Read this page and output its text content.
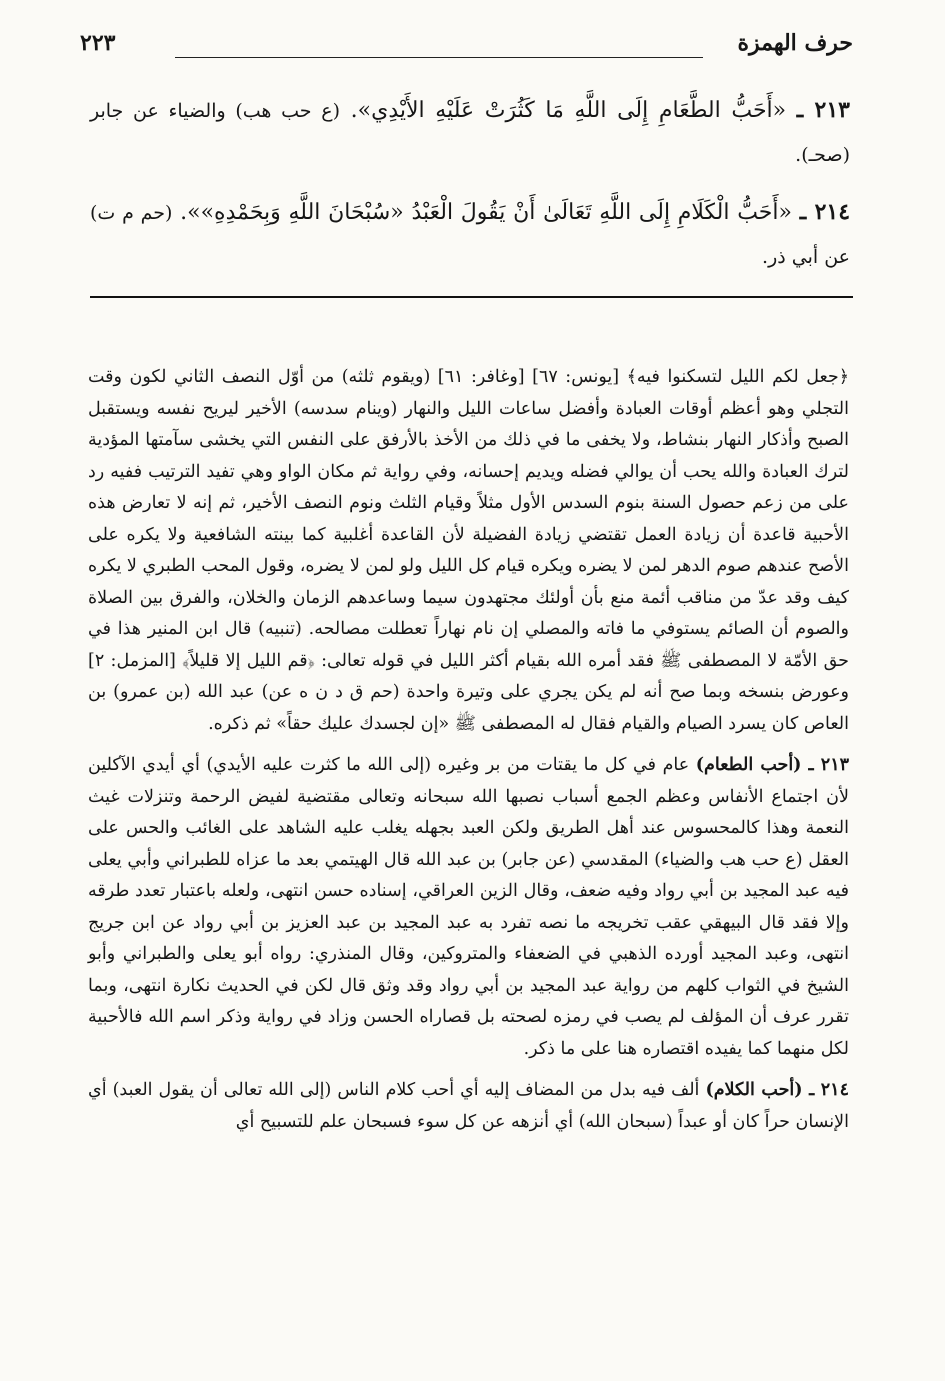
حرف الهمزة
٢٢٣
٢١٣ ـ «أَحَبُّ الطَّعَامِ إِلَى اللَّهِ مَا كَثُرَتْ عَلَيْهِ الأَيْدِي». (ع حب هب) والضياء عن جابر (صحـ).
٢١٤ ـ «أَحَبُّ الْكَلَامِ إِلَى اللَّهِ تَعَالَىٰ أَنْ يَقُولَ الْعَبْدُ «سُبْحَانَ اللَّهِ وَبِحَمْدِهِ»». (حم م ت) عن أبي ذر.

﴿جعل لكم الليل لتسكنوا فيه﴾ [يونس: ٦٧] [وغافر: ٦١] (ويقوم ثلثه) من أوّل النصف الثاني لكون وقت التجلي وهو أعظم أوقات العبادة وأفضل ساعات الليل والنهار (وينام سدسه) الأخير ليريح نفسه ويستقبل الصبح وأذكار النهار بنشاط، ولا يخفى ما في ذلك من الأخذ بالأرفق على النفس التي يخشى سآمتها المؤدية لترك العبادة والله يحب أن يوالي فضله ويديم إحسانه، وفي رواية ثم مكان الواو وهي تفيد الترتيب ففيه رد على من زعم حصول السنة بنوم السدس الأول مثلاً وقيام الثلث ونوم النصف الأخير، ثم إنه لا تعارض هذه الأحبية قاعدة أن زيادة العمل تقتضي زيادة الفضيلة لأن القاعدة أغلبية كما بينته الشافعية ولا يكره على الأصح عندهم صوم الدهر لمن لا يضره ويكره قيام كل الليل ولو لمن لا يضره، وقول المحب الطبري لا يكره كيف وقد عدّ من مناقب أئمة منع بأن أولئك مجتهدون سيما وساعدهم الزمان والخلان، والفرق بين الصلاة والصوم أن الصائم يستوفي ما فاته والمصلي إن نام نهاراً تعطلت مصالحه. (تنبيه) قال ابن المنير هذا في حق الأمّة لا المصطفى ﷺ فقد أمره الله بقيام أكثر الليل في قوله تعالى: ﴿قم الليل إلا قليلاً﴾ [المزمل: ٢] وعورض بنسخه وبما صح أنه لم يكن يجري على وتيرة واحدة (حم ق د ن ه عن) عبد الله (بن عمرو) بن العاص كان يسرد الصيام والقيام فقال له المصطفى ﷺ «إن لجسدك عليك حقاً» ثم ذكره.

٢١٣ ـ (أحب الطعام) عام في كل ما يقتات من بر وغيره (إلى الله ما كثرت عليه الأيدي) أي أيدي الآكلين لأن اجتماع الأنفاس وعظم الجمع أسباب نصبها الله سبحانه وتعالى مقتضية لفيض الرحمة وتنزلات غيث النعمة وهذا كالمحسوس عند أهل الطريق ولكن العبد بجهله يغلب عليه الشاهد على الغائب والحس على العقل (ع حب هب والضياء) المقدسي (عن جابر) بن عبد الله قال الهيتمي بعد ما عزاه للطبراني وأبي يعلى فيه عبد المجيد بن أبي رواد وفيه ضعف، وقال الزين العراقي، إسناده حسن انتهى، ولعله باعتبار تعدد طرقه وإلا فقد قال البيهقي عقب تخريجه ما نصه تفرد به عبد المجيد بن عبد العزيز بن أبي رواد عن ابن جريج انتهى، وعبد المجيد أورده الذهبي في الضعفاء والمتروكين، وقال المنذري: رواه أبو يعلى والطبراني وأبو الشيخ في الثواب كلهم من رواية عبد المجيد بن أبي رواد وقد وثق قال لكن في الحديث نكارة انتهى، وبما تقرر عرف أن المؤلف لم يصب في رمزه لصحته بل قصاراه الحسن وزاد في رواية وذكر اسم الله فالأحبية لكل منهما كما يفيده اقتصاره هنا على ما ذكر.

٢١٤ ـ (أحب الكلام) ألف فيه بدل من المضاف إليه أي أحب كلام الناس (إلى الله تعالى أن يقول العبد) أي الإنسان حراً كان أو عبداً (سبحان الله) أي أنزهه عن كل سوء فسبحان علم للتسبيح أي
